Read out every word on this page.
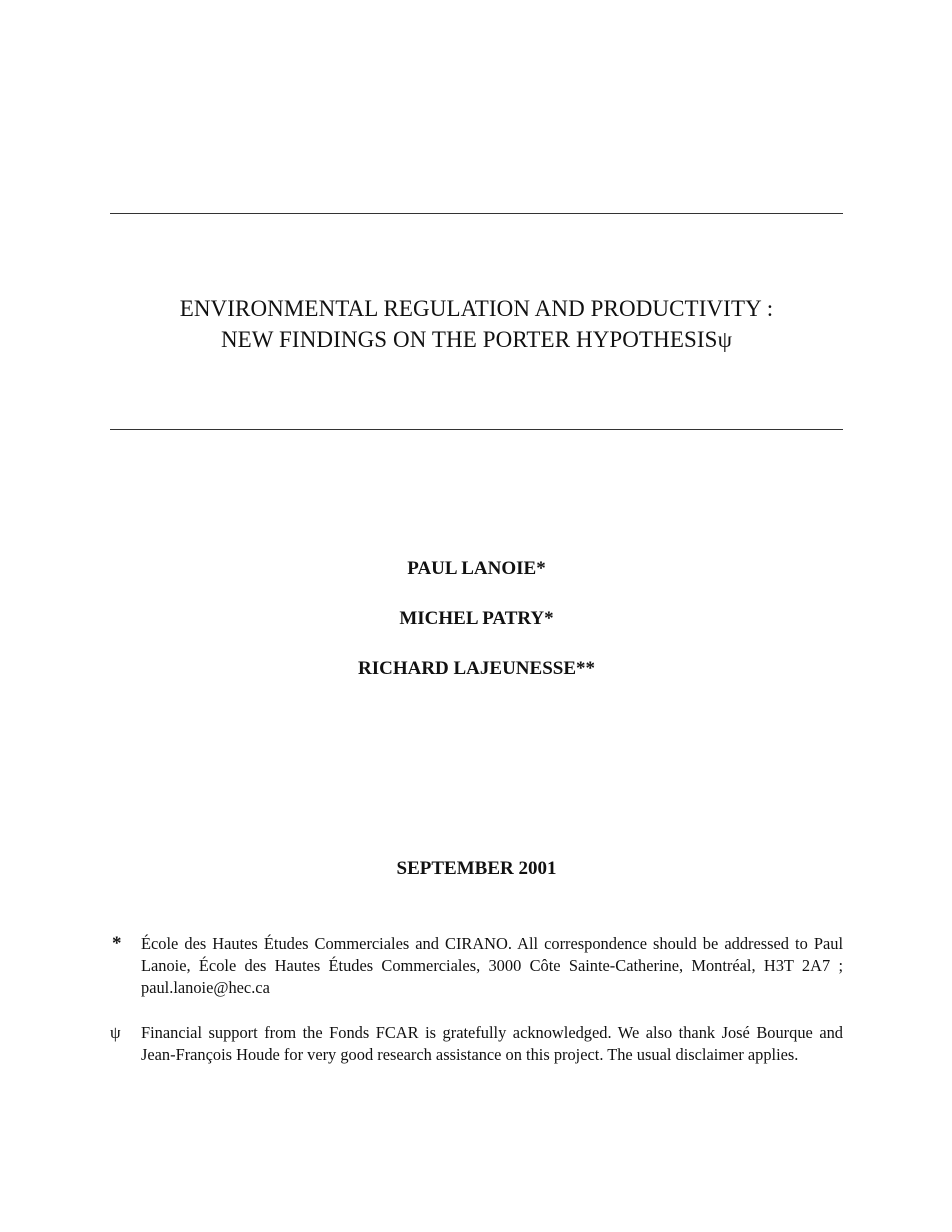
ENVIRONMENTAL REGULATION AND PRODUCTIVITY :
NEW FINDINGS ON THE PORTER HYPOTHESISψ
PAUL LANOIE*
MICHEL PATRY*
RICHARD LAJEUNESSE**
SEPTEMBER 2001
* École des Hautes Études Commerciales and CIRANO. All correspondence should be addressed to Paul Lanoie, École des Hautes Études Commerciales, 3000 Côte Sainte-Catherine, Montréal, H3T 2A7 ; paul.lanoie@hec.ca
ψ Financial support from the Fonds FCAR is gratefully acknowledged. We also thank José Bourque and Jean-François Houde for very good research assistance on this project. The usual disclaimer applies.
